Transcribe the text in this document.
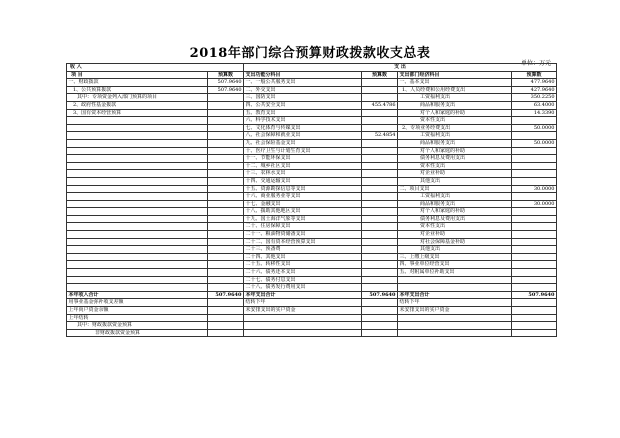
2018年部门综合预算财政拨款收支总表
单位：万元
收 入		支 出			
项 目	预算数	支出功能分科目	预算数	支出部门经济科目	预算数
一、财政拨款	507.9640	一、一般公共服务支出		一、基本支出	477.9640
1、公共预算拨款	507.9640	二、外交支出		1、人员经费和公用经费支出	427.9640
其中：专项资金列入部门预算的项目		三、国防支出		工资福利支出	350.2250
2、政府性基金拨款		四、公共安全支出	455.4786	商品和服务支出	63.4000
3、国有资本经营预算		五、教育支出		对个人和家庭的补助	14.3390
		六、科学技术支出		资本性支出	
		七、文化体育与传媒支出		2、专项业务经费支出	50.0000
		八、社会保障和就业支出	52.4854	工资福利支出	
		九、社会保险基金支出		商品和服务支出	50.0000
		十、医疗卫生与计划生育支出		对个人和家庭的补助	
		十一、节能环保支出		债务利息及费用支出	
		十二、城乡社区支出		资本性支出	
		十三、农林水支出		对企业补助	
		十四、交通运输支出		其他支出	
		十五、资源勘探信息等支出		二、项目支出	30.0000
		十六、商业服务业等支出		工资福利支出	
		十七、金融支出		商品和服务支出	30.0000
		十八、援助其他地区支出		对个人和家庭的补助	
		十九、国土海洋气象等支出		债务利息及费用支出	
		二十、住房保障支出		资本性支出	
		二十一、粮油物资储备支出		对企业补助	
		二十二、国有资本经营预算支出		对社会保障基金补助	
		二十三、预备费		其他支出	
		二十四、其他支出		三、上缴上级支出	
		二十五、转移性支出		四、事业单位经营支出	
		二十六、债务还本支出		五、对附属单位补助支出	
		二十七、债务付息支出			
		二十八、债务发行费用支出			
本年收入合计	507.9640	本年支出合计	507.9640	本年支出合计	507.9640
用事业基金弥补收支差额		结转下年		结转下年	
上年尚户资金余额		未安排支出的实户资金		未安排支出的实户资金	
上年结转					
其中：财政拨款资金预算					
非财政拨款资金预算					
